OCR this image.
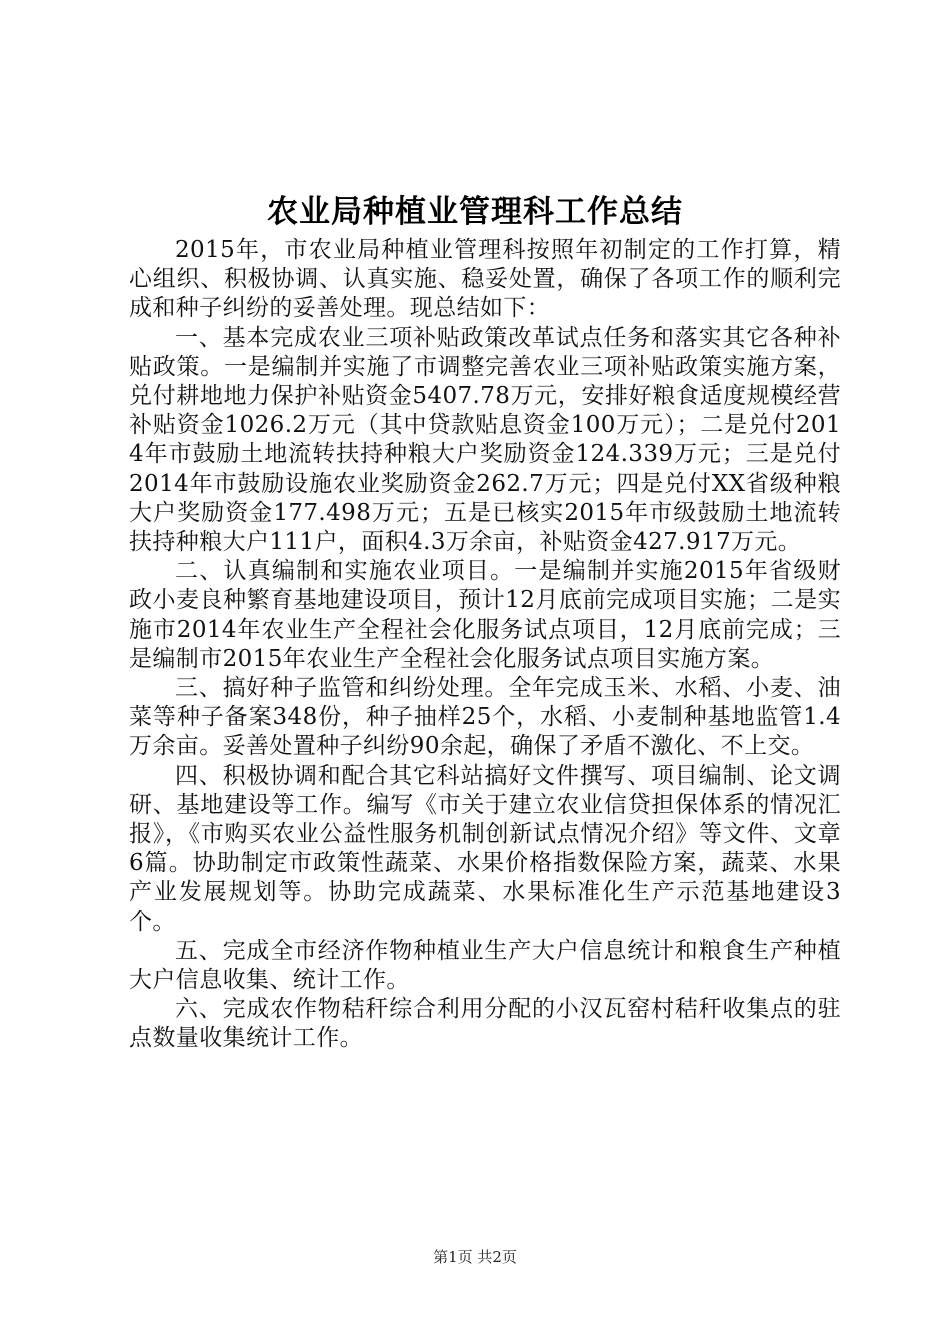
农业局种植业管理科工作总结

2015年，市农业局种植业管理科按照年初制定的工作打算，精心组织、积极协调、认真实施、稳妥处置，确保了各项工作的顺利完成和种子纠纷的妥善处理。现总结如下：

一、基本完成农业三项补贴政策改革试点任务和落实其它各种补贴政策。一是编制并实施了市调整完善农业三项补贴政策实施方案，兑付耕地地力保护补贴资金5407.78万元，安排好粮食适度规模经营补贴资金1026.2万元（其中贷款贴息资金100万元）；二是兑付2014年市鼓励土地流转扶持种粮大户奖励资金124.339万元；三是兑付2014年市鼓励设施农业奖励资金262.7万元；四是兑付XX省级种粮大户奖励资金177.498万元；五是已核实2015年市级鼓励土地流转扶持种粮大户111户，面积4.3万余亩，补贴资金427.917万元。

二、认真编制和实施农业项目。一是编制并实施2015年省级财政小麦良种繁育基地建设项目，预计12月底前完成项目实施；二是实施市2014年农业生产全程社会化服务试点项目，12月底前完成；三是编制市2015年农业生产全程社会化服务试点项目实施方案。

三、搞好种子监管和纠纷处理。全年完成玉米、水稻、小麦、油菜等种子备案348份，种子抽样25个，水稻、小麦制种基地监管1.4万余亩。妥善处置种子纠纷90余起，确保了矛盾不激化、不上交。

四、积极协调和配合其它科站搞好文件撰写、项目编制、论文调研、基地建设等工作。编写《市关于建立农业信贷担保体系的情况汇报》，《市购买农业公益性服务机制创新试点情况介绍》等文件、文章6篇。协助制定市政策性蔬菜、水果价格指数保险方案，蔬菜、水果产业发展规划等。协助完成蔬菜、水果标准化生产示范基地建设3个。

五、完成全市经济作物种植业生产大户信息统计和粮食生产种植大户信息收集、统计工作。

六、完成农作物秸秆综合利用分配的小汉瓦窑村秸秆收集点的驻点数量收集统计工作。

第1页 共2页
